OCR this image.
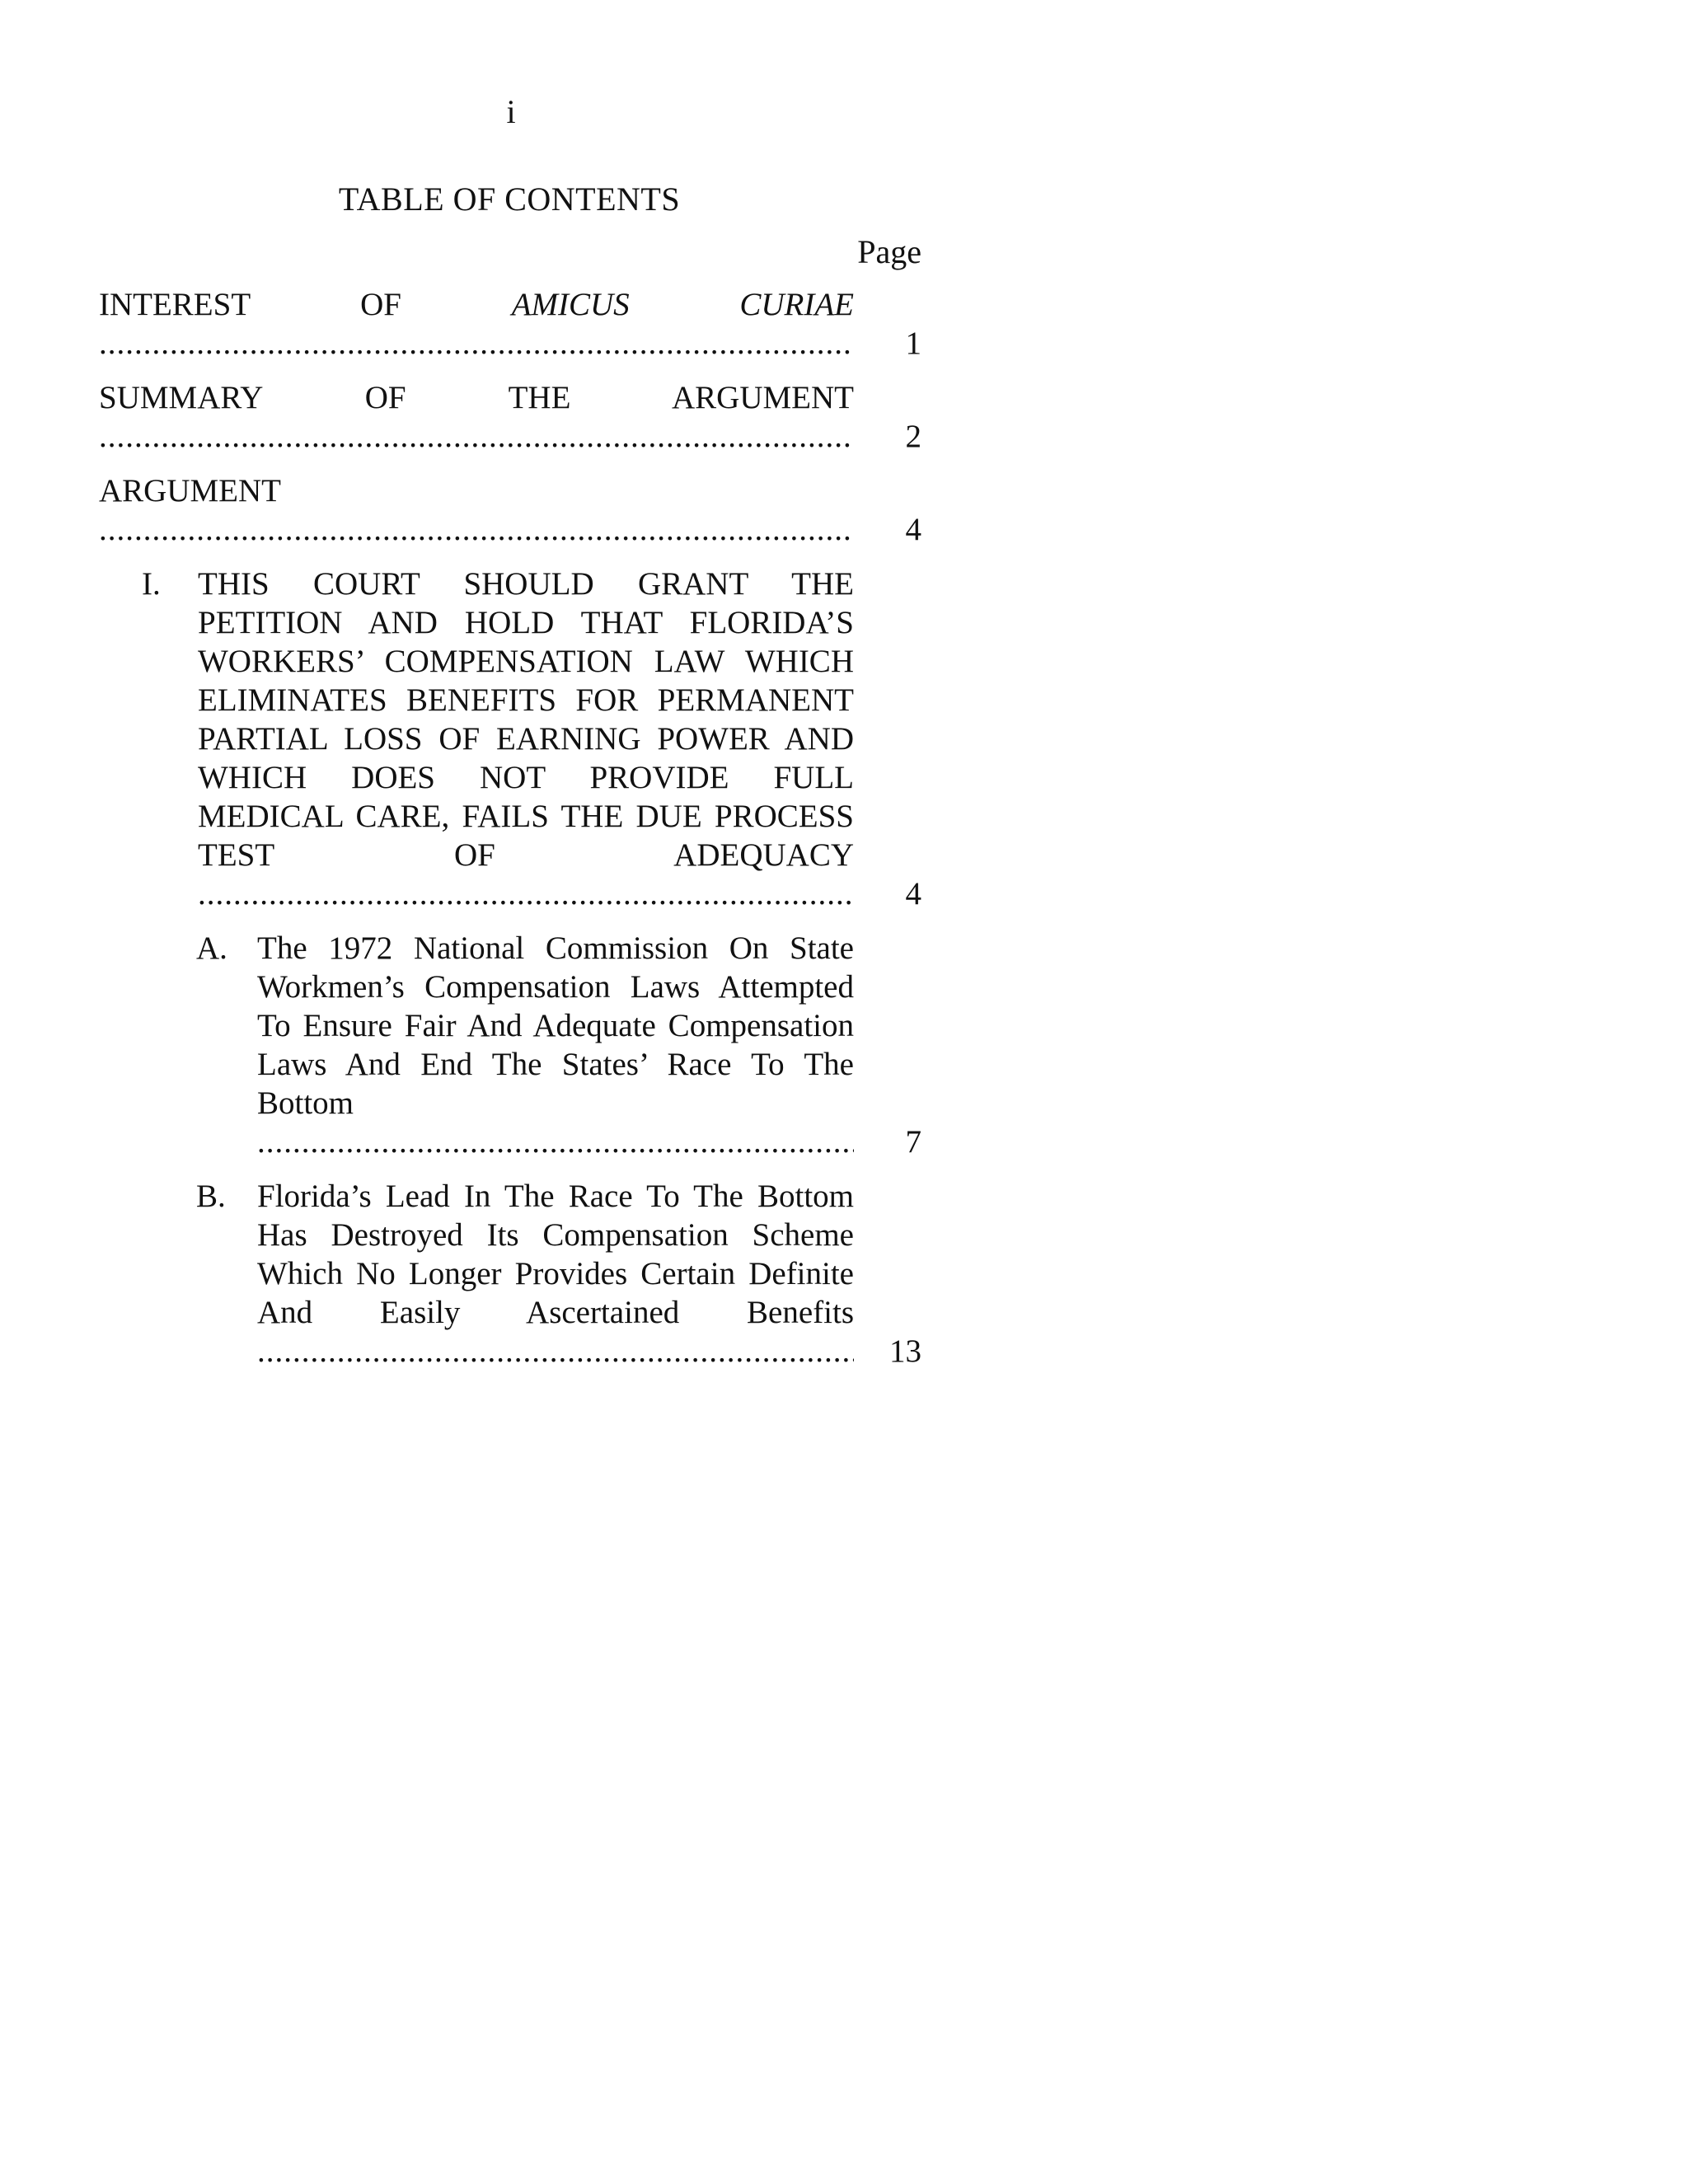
i
TABLE OF CONTENTS
Page
INTEREST OF AMICUS CURIAE .....
1
SUMMARY OF THE ARGUMENT .....
2
ARGUMENT .....
4
I. THIS COURT SHOULD GRANT THE PETITION AND HOLD THAT FLORIDA’S WORKERS’ COMPENSATION LAW WHICH ELIMINATES BENEFITS FOR PERMANENT PARTIAL LOSS OF EARNING POWER AND WHICH DOES NOT PROVIDE FULL MEDICAL CARE, FAILS THE DUE PROCESS TEST OF ADEQUACY .....
4
A. The 1972 National Commission On State Workmen’s Compensation Laws Attempted To Ensure Fair And Adequate Compensation Laws And End The States’ Race To The Bottom .....
7
B. Florida’s Lead In The Race To The Bottom Has Destroyed Its Compensation Scheme Which No Longer Provides Certain Definite And Easily Ascertained Benefits .....
13
